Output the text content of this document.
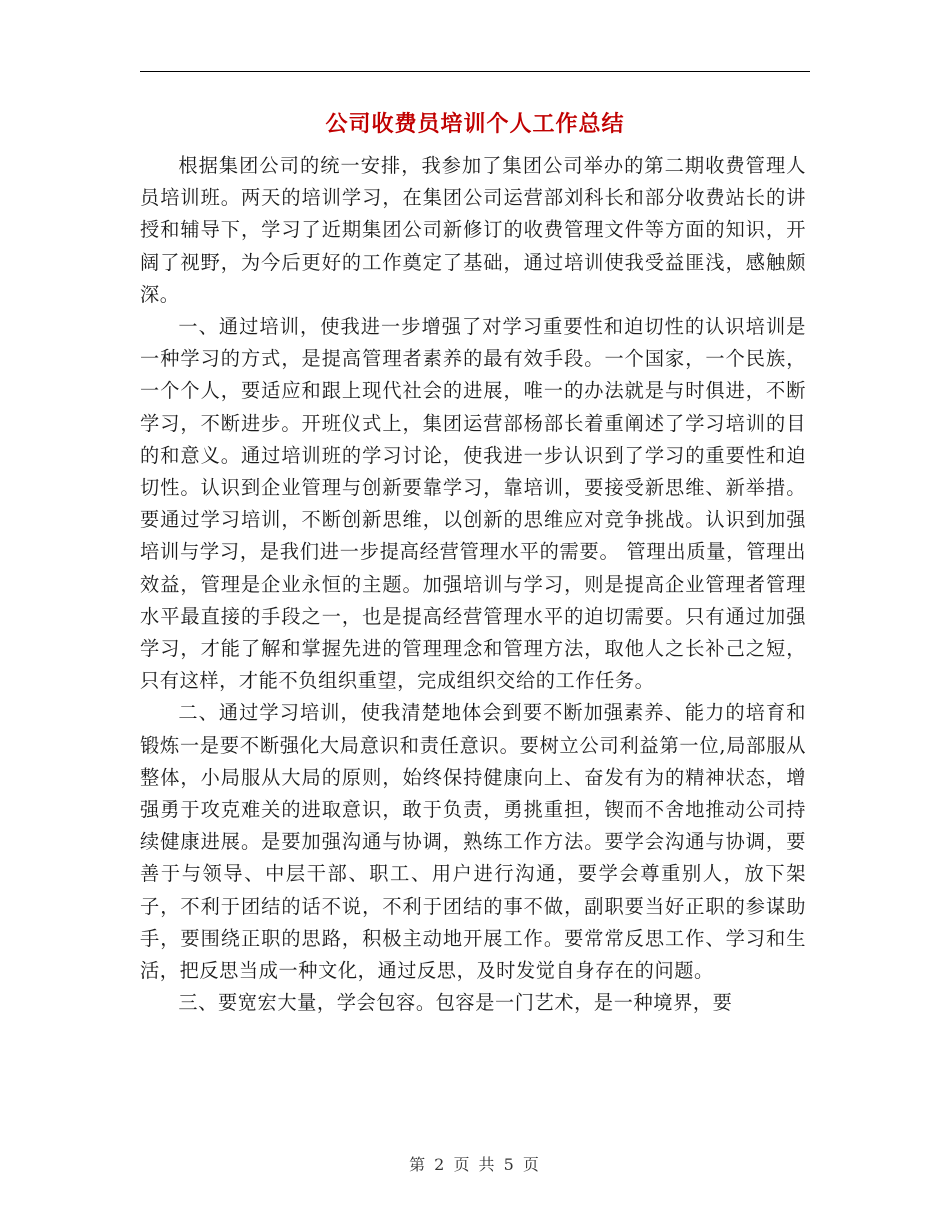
公司收费员培训个人工作总结

根据集团公司的统一安排，我参加了集团公司举办的第二期收费管理人员培训班。两天的培训学习，在集团公司运营部刘科长和部分收费站长的讲授和辅导下，学习了近期集团公司新修订的收费管理文件等方面的知识，开阔了视野，为今后更好的工作奠定了基础，通过培训使我受益匪浅，感触颇深。

一、通过培训，使我进一步增强了对学习重要性和迫切性的认识培训是一种学习的方式，是提高管理者素养的最有效手段。一个国家，一个民族，一个个人，要适应和跟上现代社会的进展，唯一的办法就是与时俱进，不断学习，不断进步。开班仪式上，集团运营部杨部长着重阐述了学习培训的目的和意义。通过培训班的学习讨论，使我进一步认识到了学习的重要性和迫切性。认识到企业管理与创新要靠学习，靠培训，要接受新思维、新举措。要通过学习培训，不断创新思维，以创新的思维应对竞争挑战。认识到加强培训与学习，是我们进一步提高经营管理水平的需要。 管理出质量，管理出效益，管理是企业永恒的主题。加强培训与学习，则是提高企业管理者管理水平最直接的手段之一，也是提高经营管理水平的迫切需要。只有通过加强学习，才能了解和掌握先进的管理理念和管理方法，取他人之长补己之短，只有这样，才能不负组织重望，完成组织交给的工作任务。

二、通过学习培训，使我清楚地体会到要不断加强素养、能力的培育和锻炼一是要不断强化大局意识和责任意识。要树立公司利益第一位,局部服从整体，小局服从大局的原则，始终保持健康向上、奋发有为的精神状态，增强勇于攻克难关的进取意识，敢于负责，勇挑重担，锲而不舍地推动公司持续健康进展。是要加强沟通与协调，熟练工作方法。要学会沟通与协调，要善于与领导、中层干部、职工、用户进行沟通，要学会尊重别人，放下架子，不利于团结的话不说，不利于团结的事不做，副职要当好正职的参谋助手，要围绕正职的思路，积极主动地开展工作。要常常反思工作、学习和生活，把反思当成一种文化，通过反思，及时发觉自身存在的问题。

三、要宽宏大量，学会包容。包容是一门艺术，是一种境界，要

第 2 页 共 5 页
